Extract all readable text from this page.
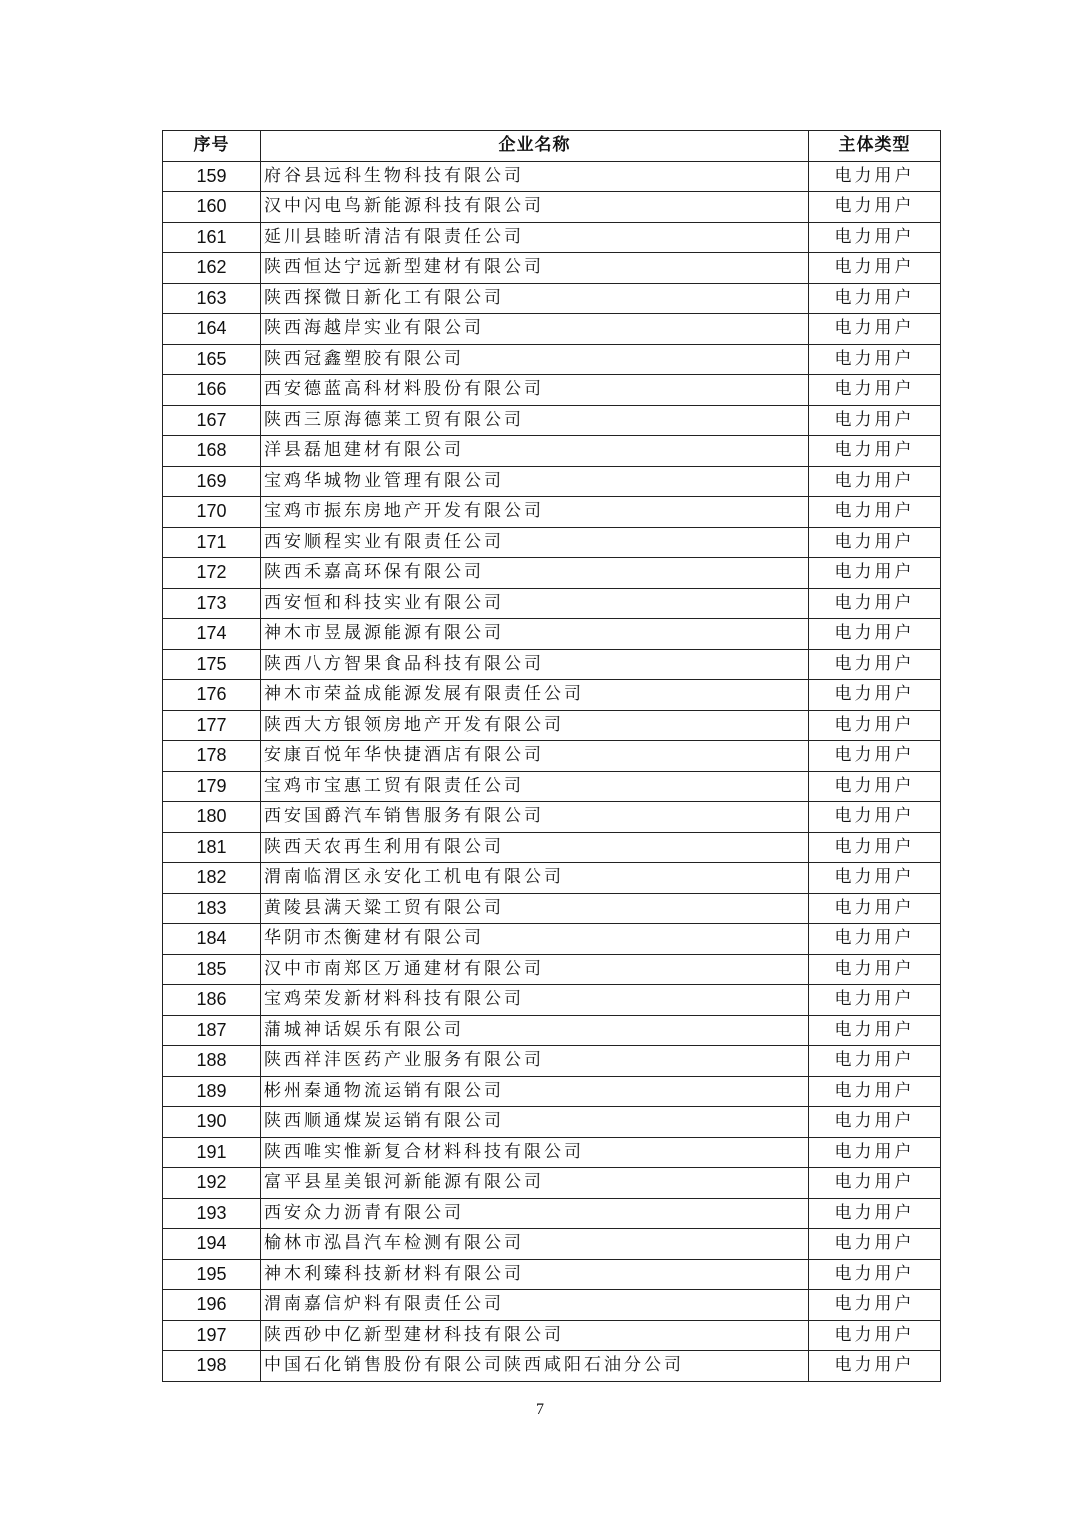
序号	企业名称	主体类型
159	府谷县远科生物科技有限公司	电力用户
160	汉中闪电鸟新能源科技有限公司	电力用户
161	延川县睦昕清洁有限责任公司	电力用户
162	陕西恒达宁远新型建材有限公司	电力用户
163	陕西探微日新化工有限公司	电力用户
164	陕西海越岸实业有限公司	电力用户
165	陕西冠鑫塑胶有限公司	电力用户
166	西安德蓝高科材料股份有限公司	电力用户
167	陕西三原海德莱工贸有限公司	电力用户
168	洋县磊旭建材有限公司	电力用户
169	宝鸡华城物业管理有限公司	电力用户
170	宝鸡市振东房地产开发有限公司	电力用户
171	西安顺程实业有限责任公司	电力用户
172	陕西禾嘉高环保有限公司	电力用户
173	西安恒和科技实业有限公司	电力用户
174	神木市昱晟源能源有限公司	电力用户
175	陕西八方智果食品科技有限公司	电力用户
176	神木市荣益成能源发展有限责任公司	电力用户
177	陕西大方银领房地产开发有限公司	电力用户
178	安康百悦年华快捷酒店有限公司	电力用户
179	宝鸡市宝惠工贸有限责任公司	电力用户
180	西安国爵汽车销售服务有限公司	电力用户
181	陕西天农再生利用有限公司	电力用户
182	渭南临渭区永安化工机电有限公司	电力用户
183	黄陵县满天粱工贸有限公司	电力用户
184	华阴市杰衡建材有限公司	电力用户
185	汉中市南郑区万通建材有限公司	电力用户
186	宝鸡荣发新材料科技有限公司	电力用户
187	蒲城神话娱乐有限公司	电力用户
188	陕西祥沣医药产业服务有限公司	电力用户
189	彬州秦通物流运销有限公司	电力用户
190	陕西顺通煤炭运销有限公司	电力用户
191	陕西唯实惟新复合材料科技有限公司	电力用户
192	富平县星美银河新能源有限公司	电力用户
193	西安众力沥青有限公司	电力用户
194	榆林市泓昌汽车检测有限公司	电力用户
195	神木利臻科技新材料有限公司	电力用户
196	渭南嘉信炉料有限责任公司	电力用户
197	陕西砂中亿新型建材科技有限公司	电力用户
198	中国石化销售股份有限公司陕西咸阳石油分公司	电力用户
7
